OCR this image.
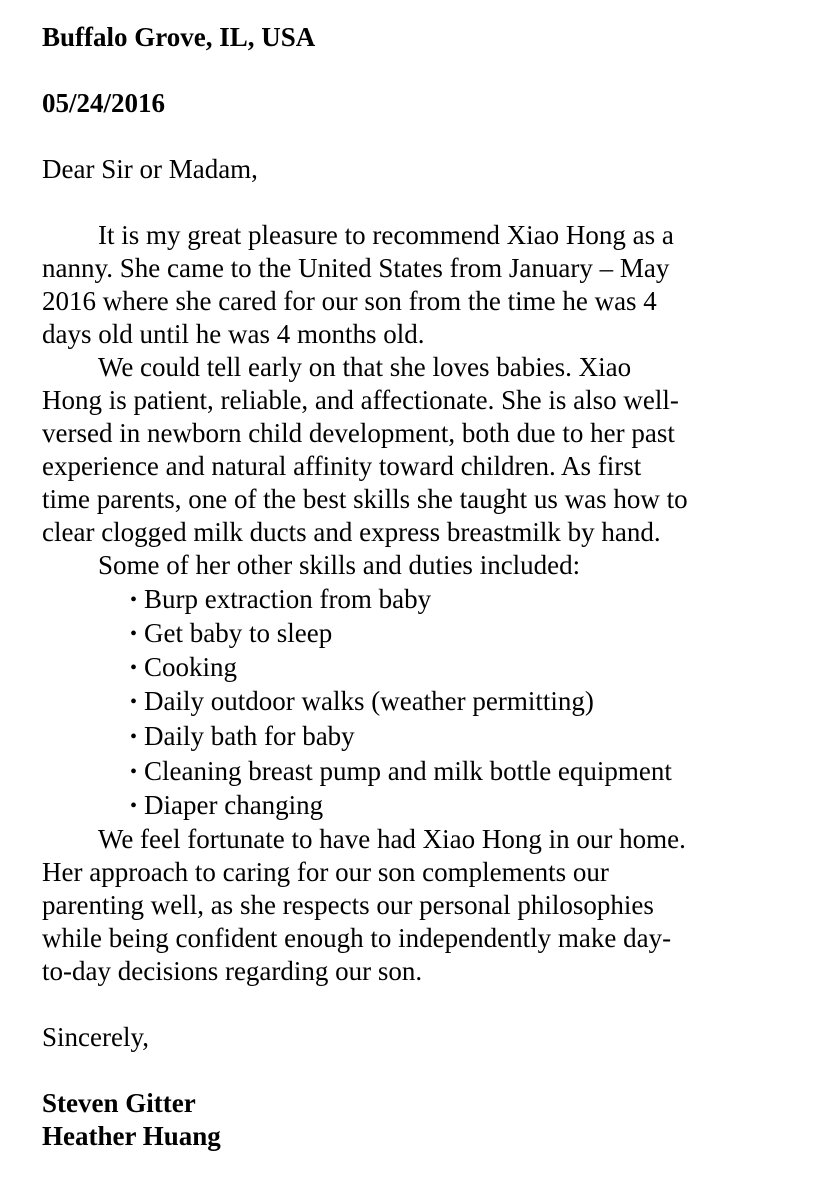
Buffalo Grove, IL, USA
05/24/2016
Dear Sir or Madam,
It is my great pleasure to recommend Xiao Hong as a
nanny. She came to the United States from January – May
2016 where she cared for our son from the time he was 4
days old until he was 4 months old.
We could tell early on that she loves babies. Xiao
Hong is patient, reliable, and affectionate. She is also well-
versed in newborn child development, both due to her past
experience and natural affinity toward children. As first
time parents, one of the best skills she taught us was how to
clear clogged milk ducts and express breastmilk by hand.
Some of her other skills and duties included:
• Burp extraction from baby
• Get baby to sleep
• Cooking
• Daily outdoor walks (weather permitting)
• Daily bath for baby
• Cleaning breast pump and milk bottle equipment
• Diaper changing
We feel fortunate to have had Xiao Hong in our home.
Her approach to caring for our son complements our
parenting well, as she respects our personal philosophies
while being confident enough to independently make day-
to-day decisions regarding our son.
Sincerely,
Steven Gitter
Heather Huang
